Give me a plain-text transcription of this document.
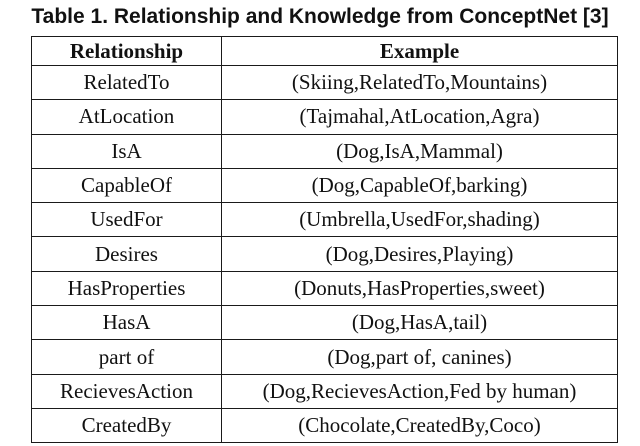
Table 1. Relationship and Knowledge from ConceptNet [3]
Relationship	Example
RelatedTo	(Skiing,RelatedTo,Mountains)
AtLocation	(Tajmahal,AtLocation,Agra)
IsA	(Dog,IsA,Mammal)
CapableOf	(Dog,CapableOf,barking)
UsedFor	(Umbrella,UsedFor,shading)
Desires	(Dog,Desires,Playing)
HasProperties	(Donuts,HasProperties,sweet)
HasA	(Dog,HasA,tail)
part of	(Dog,part of, canines)
RecievesAction	(Dog,RecievesAction,Fed by human)
CreatedBy	(Chocolate,CreatedBy,Coco)
